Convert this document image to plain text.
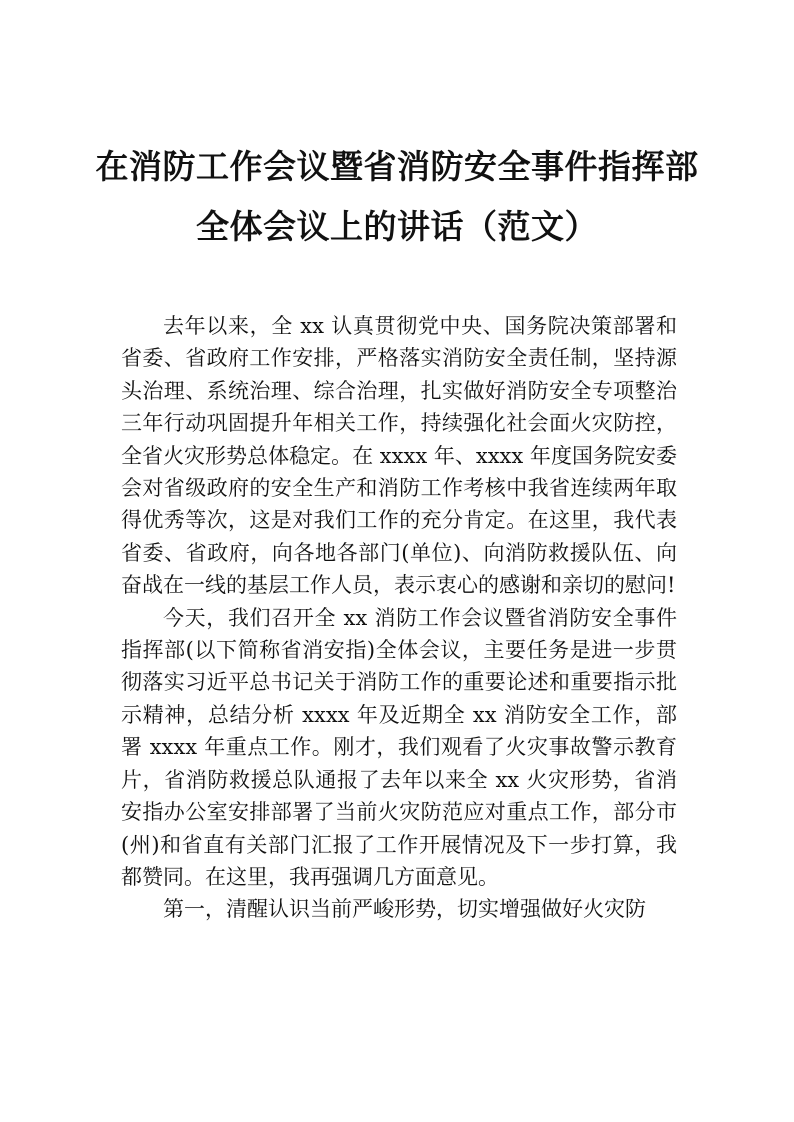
在消防工作会议暨省消防安全事件指挥部
全体会议上的讲话（范文）

去年以来，全 xx 认真贯彻党中央、国务院决策部署和省委、省政府工作安排，严格落实消防安全责任制，坚持源头治理、系统治理、综合治理，扎实做好消防安全专项整治三年行动巩固提升年相关工作，持续强化社会面火灾防控，全省火灾形势总体稳定。在 xxxx 年、xxxx 年度国务院安委会对省级政府的安全生产和消防工作考核中我省连续两年取 得优秀等次，这是对我们工作的充分肯定。在这里，我代表省委、省政府，向各地各部门(单位)、向消防救援队伍、向奋战在一线的基层工作人员，表示衷心的感谢和亲切的慰问!

今天，我们召开全 xx 消防工作会议暨省消防安全事件指挥部(以下简称省消安指)全体会议，主要任务是进一步贯彻落实习近平总书记关于消防工作的重要论述和重要指示批示精神，总结分析 xxxx 年及近期全 xx 消防安全工作，部署 xxxx 年重点工作。刚才，我们观看了火灾事故警示教育片，省消防救援总队通报了去年以来全 xx 火灾形势，省消安指办公室安排部署了当前火灾防范应对重点工作，部分市(州)和省直有关部门汇报了工作开展情况及下一步打算，我都赞同。在这里，我再强调几方面意见。

第一，清醒认识当前严峻形势，切实增强做好火灾防
